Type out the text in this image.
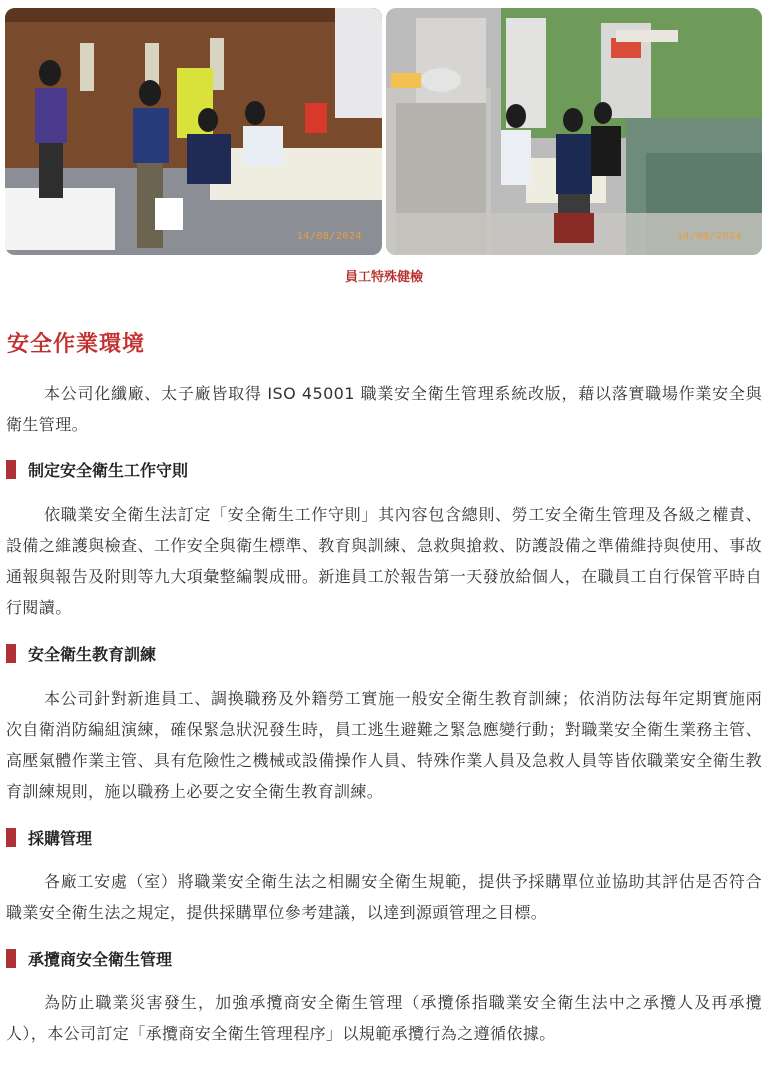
14/08/2024	14/08/2024
員工特殊健檢
安全作業環境

本公司化纖廠、太子廠皆取得 ISO 45001 職業安全衛生管理系統改版，藉以落實職場作業安全與衛生管理。

制定安全衛生工作守則

依職業安全衛生法訂定「安全衛生工作守則」其內容包含總則、勞工安全衛生管理及各級之權責、設備之維護與檢查、工作安全與衛生標準、教育與訓練、急救與搶救、防護設備之準備維持與使用、事故通報與報告及附則等九大項彙整編製成冊。新進員工於報告第一天發放給個人，在職員工自行保管平時自行閱讀。

安全衛生教育訓練

本公司針對新進員工、調換職務及外籍勞工實施一般安全衛生教育訓練；依消防法每年定期實施兩次自衛消防編組演練，確保緊急狀況發生時，員工逃生避難之緊急應變行動；對職業安全衛生業務主管、高壓氣體作業主管、具有危險性之機械或設備操作人員、特殊作業人員及急救人員等皆依職業安全衛生教育訓練規則，施以職務上必要之安全衛生教育訓練。

採購管理

各廠工安處（室）將職業安全衛生法之相關安全衛生規範，提供予採購單位並協助其評估是否符合職業安全衛生法之規定，提供採購單位參考建議，以達到源頭管理之目標。

承攬商安全衛生管理

為防止職業災害發生，加強承攬商安全衛生管理（承攬係指職業安全衛生法中之承攬人及再承攬人），本公司訂定「承攬商安全衛生管理程序」以規範承攬行為之遵循依據。
